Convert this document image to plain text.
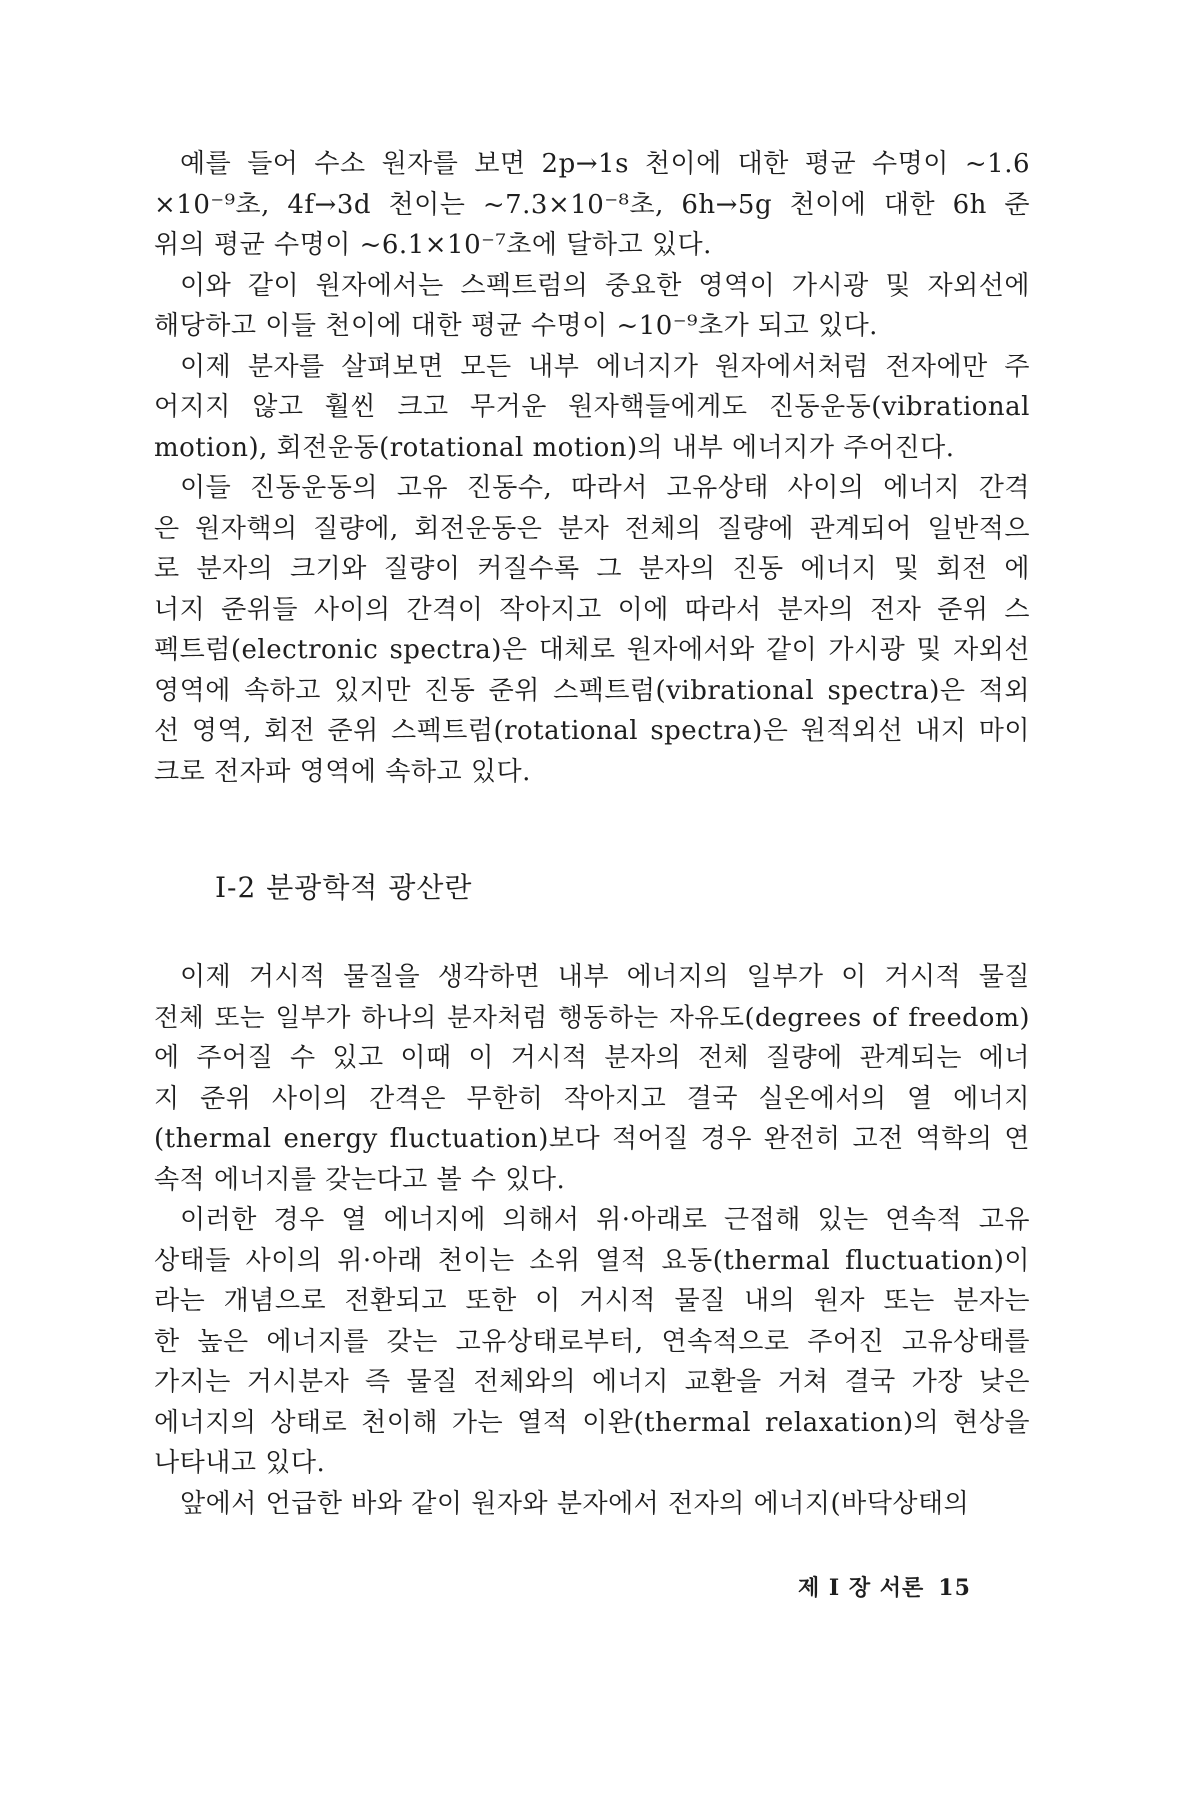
예를 들어 수소 원자를 보면 2p→1s 천이에 대한 평균 수명이 ~1.6
×10⁻⁹초, 4f→3d 천이는 ~7.3×10⁻⁸초, 6h→5g 천이에 대한 6h 준
위의 평균 수명이 ~6.1×10⁻⁷초에 달하고 있다.
이와 같이 원자에서는 스펙트럼의 중요한 영역이 가시광 및 자외선에
해당하고 이들 천이에 대한 평균 수명이 ~10⁻⁹초가 되고 있다.
이제 분자를 살펴보면 모든 내부 에너지가 원자에서처럼 전자에만 주
어지지 않고 훨씬 크고 무거운 원자핵들에게도 진동운동(vibrational
motion), 회전운동(rotational motion)의 내부 에너지가 주어진다.
이들 진동운동의 고유 진동수, 따라서 고유상태 사이의 에너지 간격
은 원자핵의 질량에, 회전운동은 분자 전체의 질량에 관계되어 일반적으
로 분자의 크기와 질량이 커질수록 그 분자의 진동 에너지 및 회전 에
너지 준위들 사이의 간격이 작아지고 이에 따라서 분자의 전자 준위 스
펙트럼(electronic spectra)은 대체로 원자에서와 같이 가시광 및 자외선
영역에 속하고 있지만 진동 준위 스펙트럼(vibrational spectra)은 적외
선 영역, 회전 준위 스펙트럼(rotational spectra)은 원적외선 내지 마이
크로 전자파 영역에 속하고 있다.
I-2 분광학적 광산란
이제 거시적 물질을 생각하면 내부 에너지의 일부가 이 거시적 물질
전체 또는 일부가 하나의 분자처럼 행동하는 자유도(degrees of freedom)
에 주어질 수 있고 이때 이 거시적 분자의 전체 질량에 관계되는 에너
지 준위 사이의 간격은 무한히 작아지고 결국 실온에서의 열 에너지
(thermal energy fluctuation)보다 적어질 경우 완전히 고전 역학의 연
속적 에너지를 갖는다고 볼 수 있다.
이러한 경우 열 에너지에 의해서 위·아래로 근접해 있는 연속적 고유
상태들 사이의 위·아래 천이는 소위 열적 요동(thermal fluctuation)이
라는 개념으로 전환되고 또한 이 거시적 물질 내의 원자 또는 분자는
한 높은 에너지를 갖는 고유상태로부터, 연속적으로 주어진 고유상태를
가지는 거시분자 즉 물질 전체와의 에너지 교환을 거쳐 결국 가장 낮은
에너지의 상태로 천이해 가는 열적 이완(thermal relaxation)의 현상을
나타내고 있다.
앞에서 언급한 바와 같이 원자와 분자에서 전자의 에너지(바닥상태의
제 I 장 서론 15
